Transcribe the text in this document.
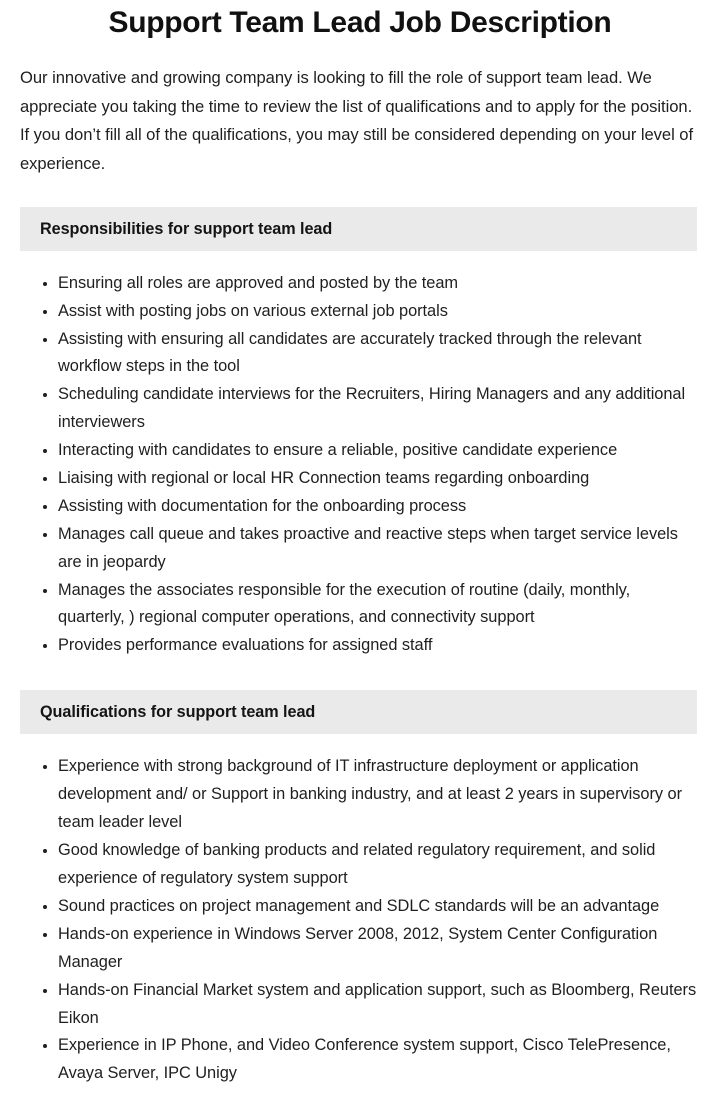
Support Team Lead Job Description

Our innovative and growing company is looking to fill the role of support team lead. We appreciate you taking the time to review the list of qualifications and to apply for the position. If you don’t fill all of the qualifications, you may still be considered depending on your level of experience.

Responsibilities for support team lead
Ensuring all roles are approved and posted by the team
Assist with posting jobs on various external job portals
Assisting with ensuring all candidates are accurately tracked through the relevant workflow steps in the tool
Scheduling candidate interviews for the Recruiters, Hiring Managers and any additional interviewers
Interacting with candidates to ensure a reliable, positive candidate experience
Liaising with regional or local HR Connection teams regarding onboarding
Assisting with documentation for the onboarding process
Manages call queue and takes proactive and reactive steps when target service levels are in jeopardy
Manages the associates responsible for the execution of routine (daily, monthly, quarterly, ) regional computer operations, and connectivity support
Provides performance evaluations for assigned staff
Qualifications for support team lead
Experience with strong background of IT infrastructure deployment or application development and/ or Support in banking industry, and at least 2 years in supervisory or team leader level
Good knowledge of banking products and related regulatory requirement, and solid experience of regulatory system support
Sound practices on project management and SDLC standards will be an advantage
Hands-on experience in Windows Server 2008, 2012, System Center Configuration Manager
Hands-on Financial Market system and application support, such as Bloomberg, Reuters Eikon
Experience in IP Phone, and Video Conference system support, Cisco TelePresence, Avaya Server, IPC Unigy
